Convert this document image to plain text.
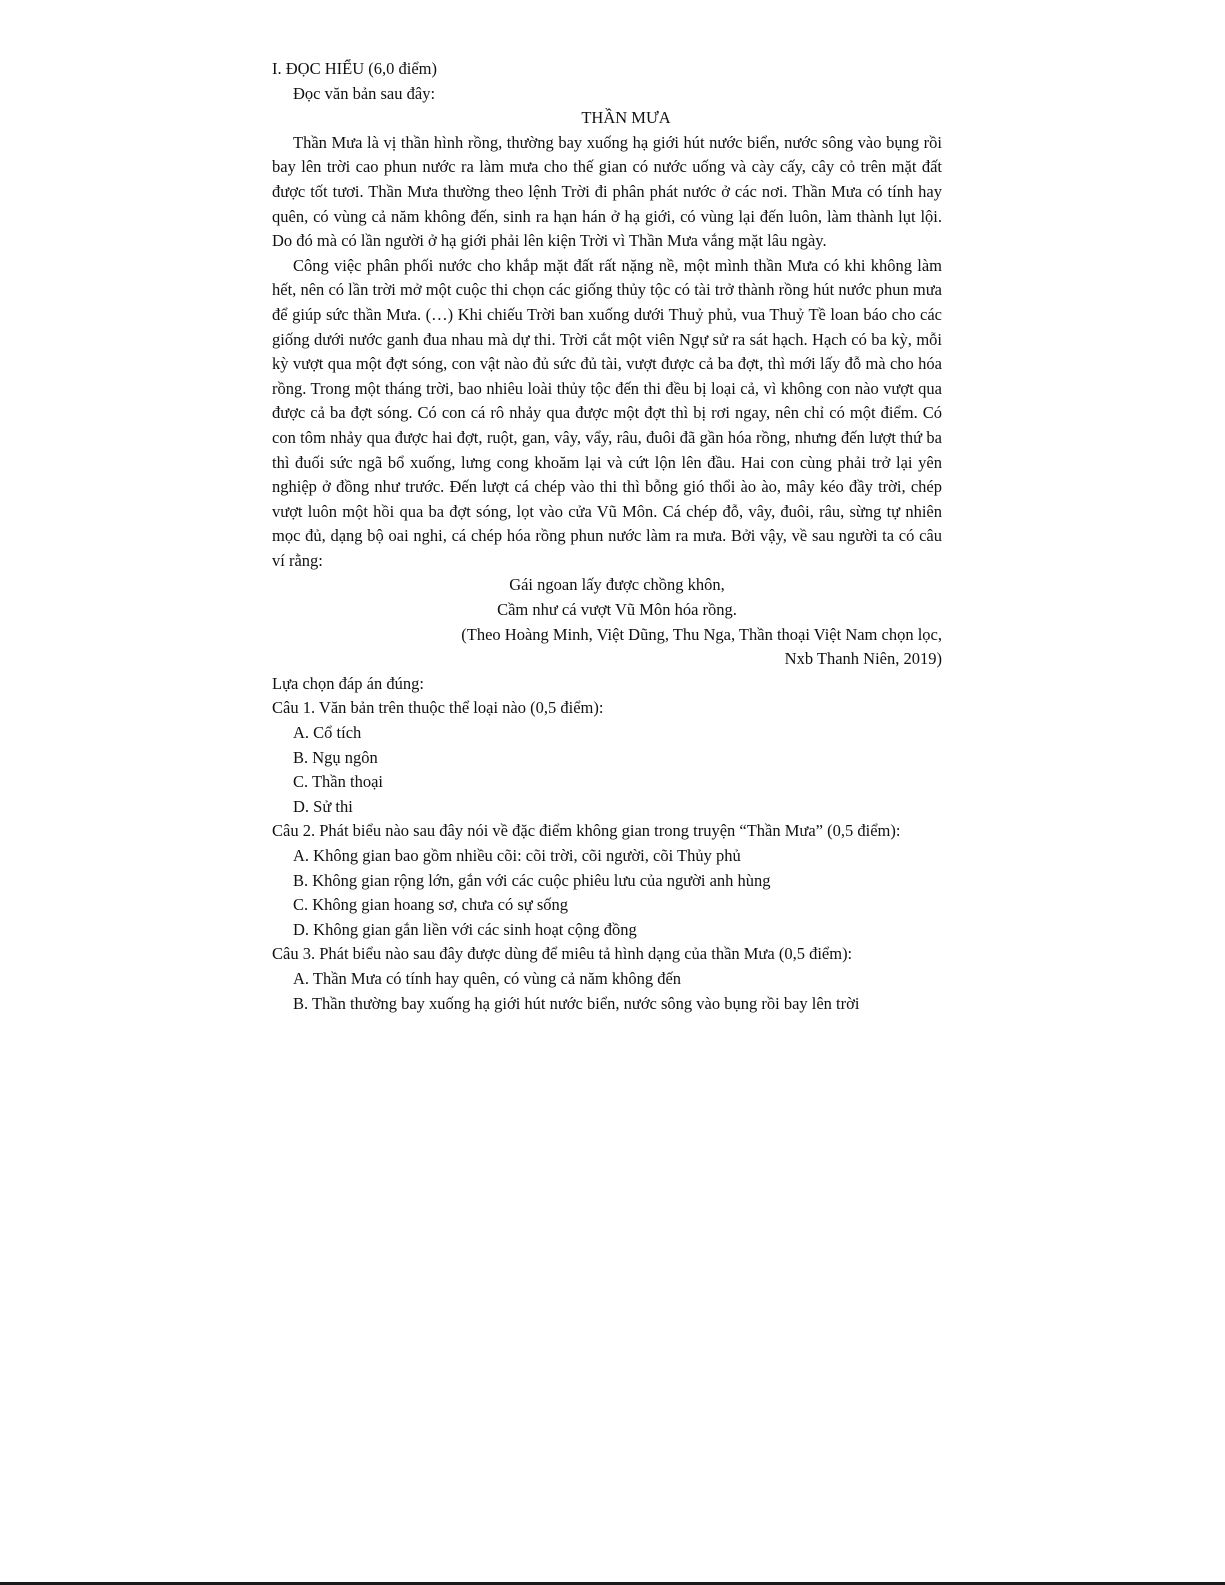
I. ĐỌC HIỂU (6,0 điểm)

Đọc văn bản sau đây:

THẦN MƯA

Thần Mưa là vị thần hình rồng, thường bay xuống hạ giới hút nước biển, nước sông vào bụng rồi bay lên trời cao phun nước ra làm mưa cho thế gian có nước uống và cày cấy, cây cỏ trên mặt đất được tốt tươi. Thần Mưa thường theo lệnh Trời đi phân phát nước ở các nơi. Thần Mưa có tính hay quên, có vùng cả năm không đến, sinh ra hạn hán ở hạ giới, có vùng lại đến luôn, làm thành lụt lội. Do đó mà có lần người ở hạ giới phải lên kiện Trời vì Thần Mưa vắng mặt lâu ngày.

Công việc phân phối nước cho khắp mặt đất rất nặng nề, một mình thần Mưa có khi không làm hết, nên có lần trời mở một cuộc thi chọn các giống thủy tộc có tài trở thành rồng hút nước phun mưa để giúp sức thần Mưa. (…) Khi chiếu Trời ban xuống dưới Thuỷ phủ, vua Thuỷ Tề loan báo cho các giống dưới nước ganh đua nhau mà dự thi. Trời cắt một viên Ngự sử ra sát hạch. Hạch có ba kỳ, mỗi kỳ vượt qua một đợt sóng, con vật nào đủ sức đủ tài, vượt được cả ba đợt, thì mới lấy đỗ mà cho hóa rồng. Trong một tháng trời, bao nhiêu loài thủy tộc đến thi đều bị loại cả, vì không con nào vượt qua được cả ba đợt sóng. Có con cá rô nhảy qua được một đợt thì bị rơi ngay, nên chỉ có một điểm. Có con tôm nhảy qua được hai đợt, ruột, gan, vây, vẩy, râu, đuôi đã gần hóa rồng, nhưng đến lượt thứ ba thì đuối sức ngã bổ xuống, lưng cong khoăm lại và cứt lộn lên đầu. Hai con cùng phải trở lại yên nghiệp ở đồng như trước. Đến lượt cá chép vào thi thì bỗng gió thổi ào ào, mây kéo đầy trời, chép vượt luôn một hồi qua ba đợt sóng, lọt vào cửa Vũ Môn. Cá chép đỗ, vây, đuôi, râu, sừng tự nhiên mọc đủ, dạng bộ oai nghi, cá chép hóa rồng phun nước làm ra mưa. Bởi vậy, về sau người ta có câu ví rằng:

Gái ngoan lấy được chồng khôn,

Cầm như cá vượt Vũ Môn hóa rồng.

(Theo Hoàng Minh, Việt Dũng, Thu Nga, Thần thoại Việt Nam chọn lọc,

Nxb Thanh Niên, 2019)

Lựa chọn đáp án đúng:

Câu 1. Văn bản trên thuộc thể loại nào (0,5 điểm):

A. Cổ tích

B. Ngụ ngôn

C. Thần thoại

D. Sử thi

Câu 2. Phát biểu nào sau đây nói về đặc điểm không gian trong truyện “Thần Mưa” (0,5 điểm):

A. Không gian bao gồm nhiều cõi: cõi trời, cõi người, cõi Thủy phủ

B. Không gian rộng lớn, gắn với các cuộc phiêu lưu của người anh hùng

C. Không gian hoang sơ, chưa có sự sống

D. Không gian gắn liền với các sinh hoạt cộng đồng

Câu 3. Phát biểu nào sau đây được dùng để miêu tả hình dạng của thần Mưa (0,5 điểm):

A. Thần Mưa có tính hay quên, có vùng cả năm không đến

B. Thần thường bay xuống hạ giới hút nước biển, nước sông vào bụng rồi bay lên trời
